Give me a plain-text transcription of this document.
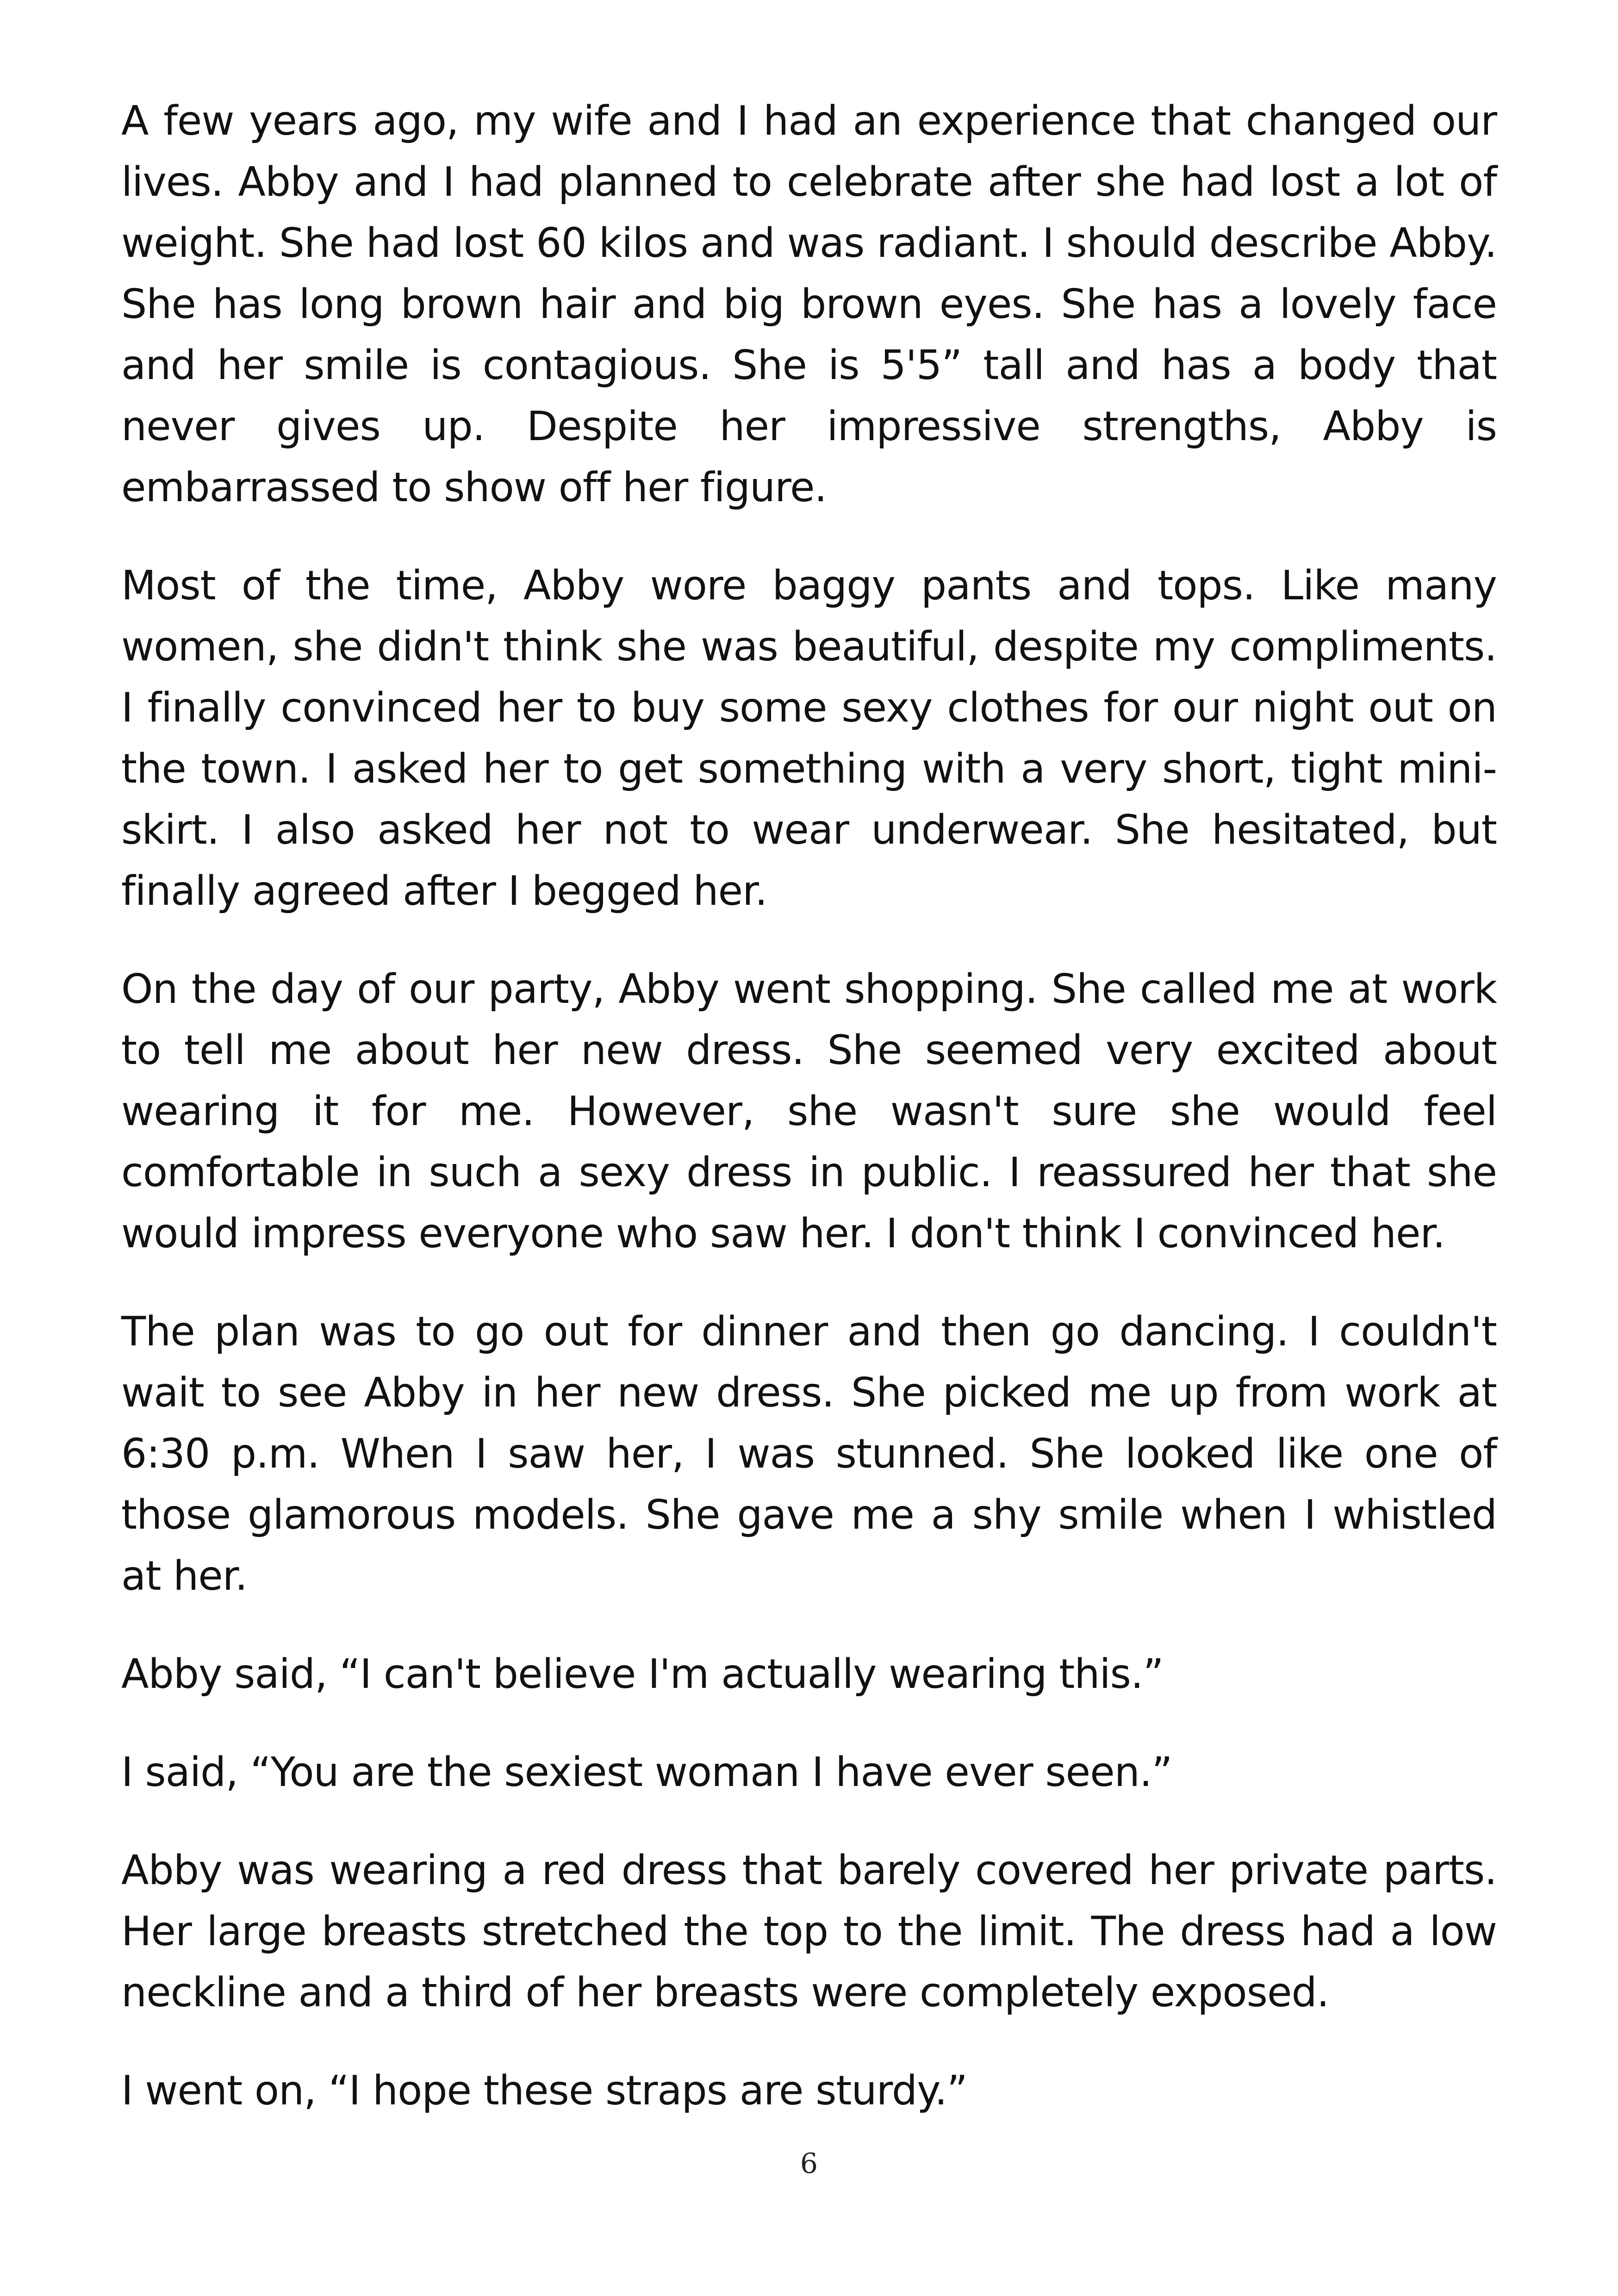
A few years ago, my wife and I had an experience that changed our lives. Abby and I had planned to celebrate after she had lost a lot of weight. She had lost 60 kilos and was radiant. I should describe Abby. She has long brown hair and big brown eyes. She has a lovely face and her smile is contagious. She is 5'5” tall and has a body that never gives up. Despite her impressive strengths, Abby is embarrassed to show off her figure.

Most of the time, Abby wore baggy pants and tops. Like many women, she didn't think she was beautiful, despite my compliments. I finally convinced her to buy some sexy clothes for our night out on the town. I asked her to get something with a very short, tight mini-skirt. I also asked her not to wear underwear. She hesitated, but finally agreed after I begged her.

On the day of our party, Abby went shopping. She called me at work to tell me about her new dress. She seemed very excited about wearing it for me. However, she wasn't sure she would feel comfortable in such a sexy dress in public. I reassured her that she would impress everyone who saw her. I don't think I convinced her.

The plan was to go out for dinner and then go dancing. I couldn't wait to see Abby in her new dress. She picked me up from work at 6:30 p.m. When I saw her, I was stunned. She looked like one of those glamorous models. She gave me a shy smile when I whistled at her.

Abby said, “I can't believe I'm actually wearing this.”

I said, “You are the sexiest woman I have ever seen.”

Abby was wearing a red dress that barely covered her private parts. Her large breasts stretched the top to the limit. The dress had a low neckline and a third of her breasts were completely exposed.

I went on, “I hope these straps are sturdy.”

6
